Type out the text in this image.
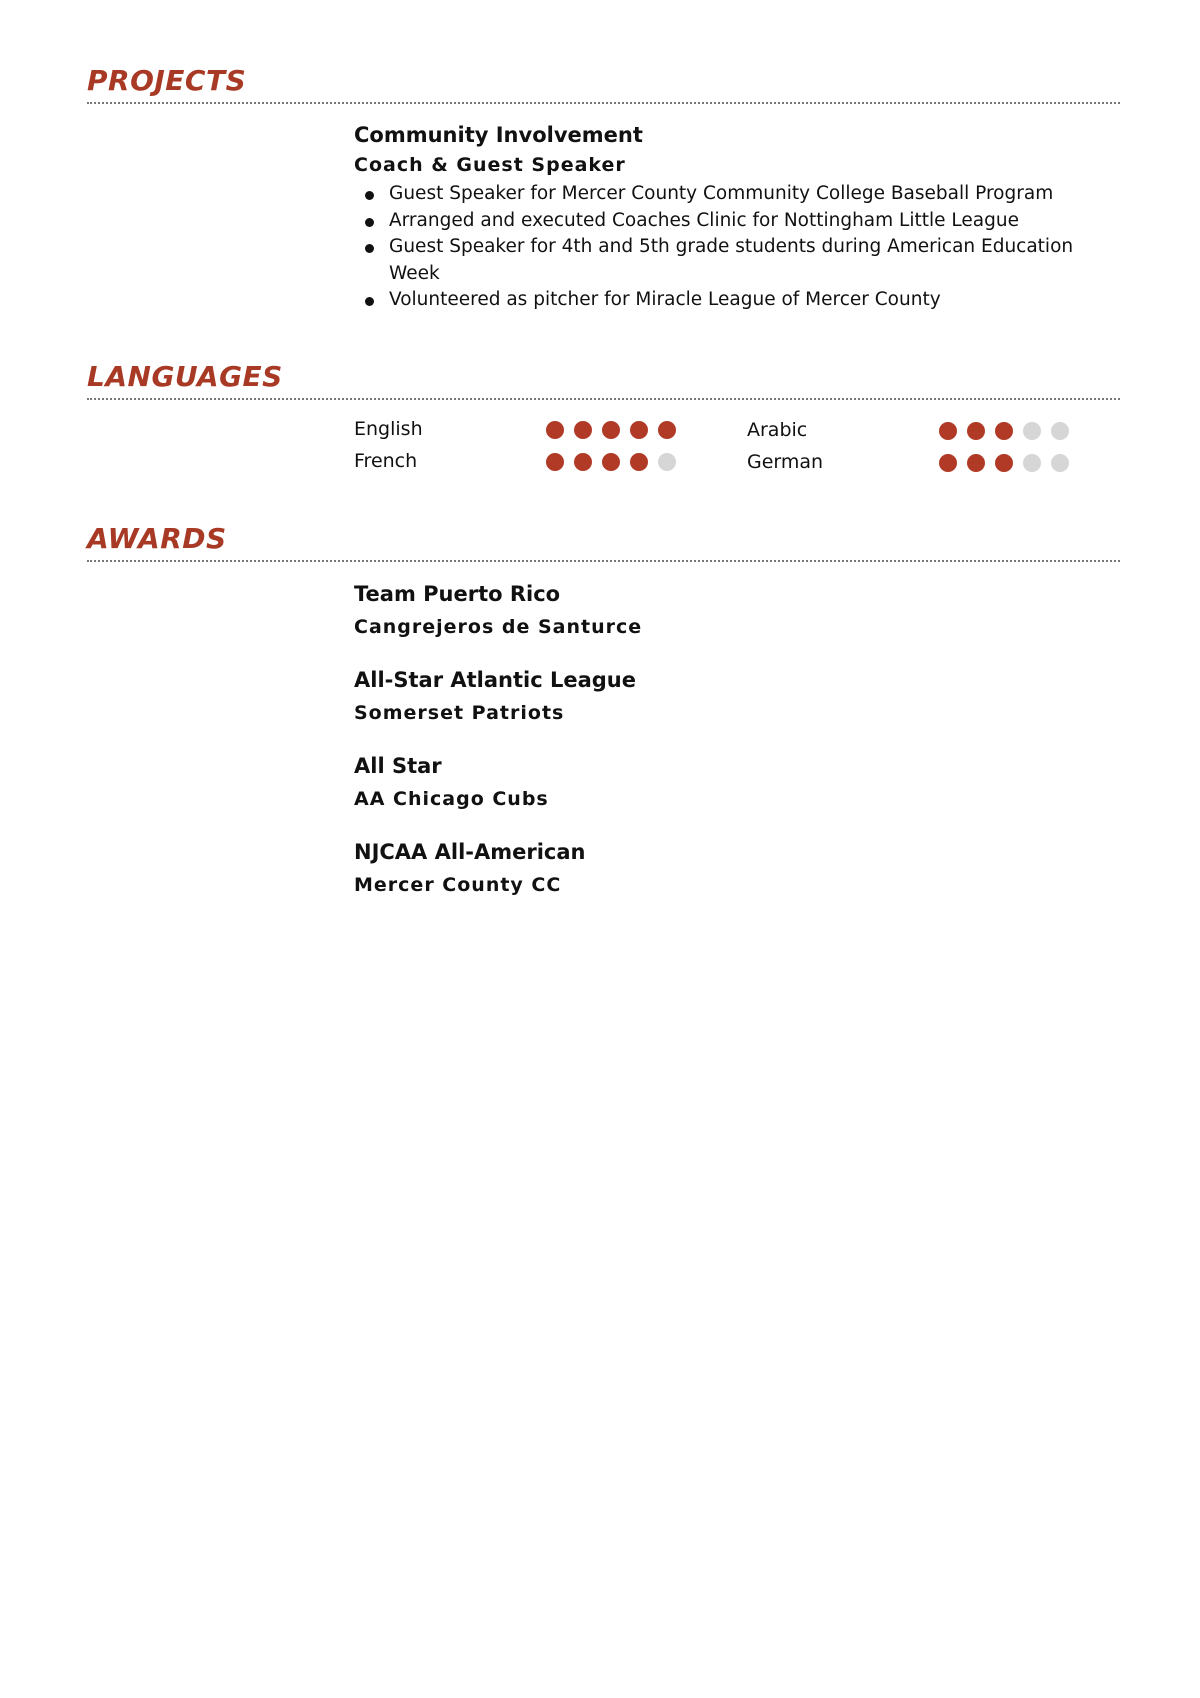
PROJECTS

Community Involvement

Coach & Guest Speaker

Guest Speaker for Mercer County Community College Baseball Program
Arranged and executed Coaches Clinic for Nottingham Little League
Guest Speaker for 4th and 5th grade students during American Education Week
Volunteered as pitcher for Miracle League of Mercer County
LANGUAGES
English	Arabic
French	German
AWARDS

Team Puerto Rico

Cangrejeros de Santurce

All-Star Atlantic League

Somerset Patriots

All Star

AA Chicago Cubs

NJCAA All-American

Mercer County CC
